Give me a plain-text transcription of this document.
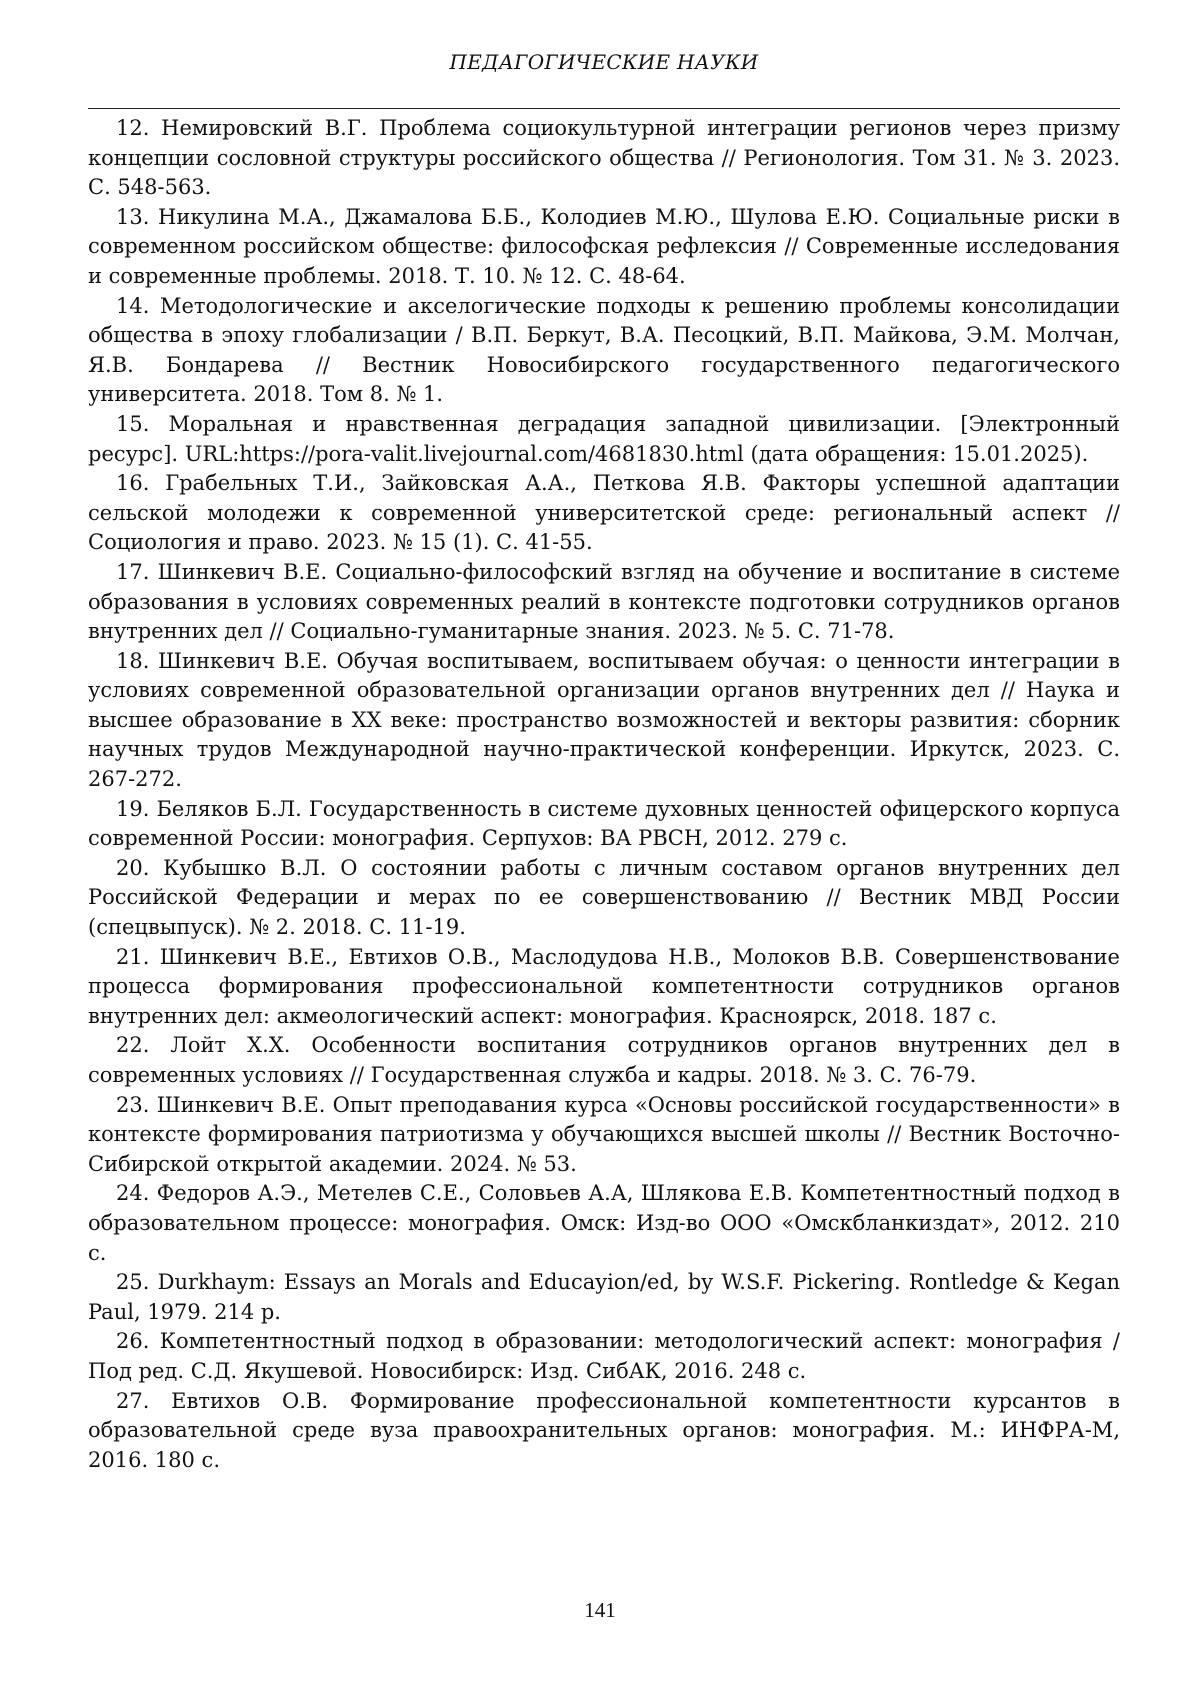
ПЕДАГОГИЧЕСКИЕ НАУКИ

12. Немировский В.Г. Проблема социокультурной интеграции регионов через призму концепции сословной структуры российского общества // Регионология. Том 31. № 3. 2023. С. 548-563.

13. Никулина М.А., Джамалова Б.Б., Колодиев М.Ю., Шулова Е.Ю. Социальные риски в современном российском обществе: философская рефлексия // Современные исследования и современные проблемы. 2018. Т. 10. № 12. С. 48-64.

14. Методологические и акселогические подходы к решению проблемы консолидации общества в эпоху глобализации / В.П. Беркут, В.А. Песоцкий, В.П. Майкова, Э.М. Молчан, Я.В. Бондарева // Вестник Новосибирского государственного педагогического университета. 2018. Том 8. № 1.

15. Моральная и нравственная деградация западной цивилизации. [Электронный ресурс]. URL:https://pora-valit.livejournal.com/4681830.html (дата обращения: 15.01.2025).

16. Грабельных Т.И., Зайковская А.А., Петкова Я.В. Факторы успешной адаптации сельской молодежи к современной университетской среде: региональный аспект // Социология и право. 2023. № 15 (1). С. 41-55.

17. Шинкевич В.Е. Социально-философский взгляд на обучение и воспитание в системе образования в условиях современных реалий в контексте подготовки сотрудников органов внутренних дел // Социально-гуманитарные знания. 2023. № 5. С. 71-78.

18. Шинкевич В.Е. Обучая воспитываем, воспитываем обучая: о ценности интеграции в условиях современной образовательной организации органов внутренних дел // Наука и высшее образование в XX веке: пространство возможностей и векторы развития: сборник научных трудов Международной научно-практической конференции. Иркутск, 2023. С. 267-272.

19. Беляков Б.Л. Государственность в системе духовных ценностей офицерского корпуса современной России: монография. Серпухов: ВА РВСН, 2012. 279 с.

20. Кубышко В.Л. О состоянии работы с личным составом органов внутренних дел Российской Федерации и мерах по ее совершенствованию // Вестник МВД России (спецвыпуск). № 2. 2018. С. 11-19.

21. Шинкевич В.Е., Евтихов О.В., Маслодудова Н.В., Молоков В.В. Совершенствование процесса формирования профессиональной компетентности сотрудников органов внутренних дел: акмеологический аспект: монография. Красноярск, 2018. 187 с.

22. Лойт Х.Х. Особенности воспитания сотрудников органов внутренних дел в современных условиях // Государственная служба и кадры. 2018. № 3. С. 76-79.

23. Шинкевич В.Е. Опыт преподавания курса «Основы российской государственности» в контексте формирования патриотизма у обучающихся высшей школы // Вестник Восточно-Сибирской открытой академии. 2024. № 53.

24. Федоров А.Э., Метелев С.Е., Соловьев А.А, Шлякова Е.В. Компетентностный подход в образовательном процессе: монография. Омск: Изд-во ООО «Омскбланкиздат», 2012. 210 с.

25. Durkhaym: Essays an Morals and Educayion/ed, by W.S.F. Pickering. Rontledge & Kegan Paul, 1979. 214 p.

26. Компетентностный подход в образовании: методологический аспект: монография / Под ред. С.Д. Якушевой. Новосибирск: Изд. СибАК, 2016. 248 с.

27. Евтихов О.В. Формирование профессиональной компетентности курсантов в образовательной среде вуза правоохранительных органов: монография. М.: ИНФРА-М, 2016. 180 с.

141
